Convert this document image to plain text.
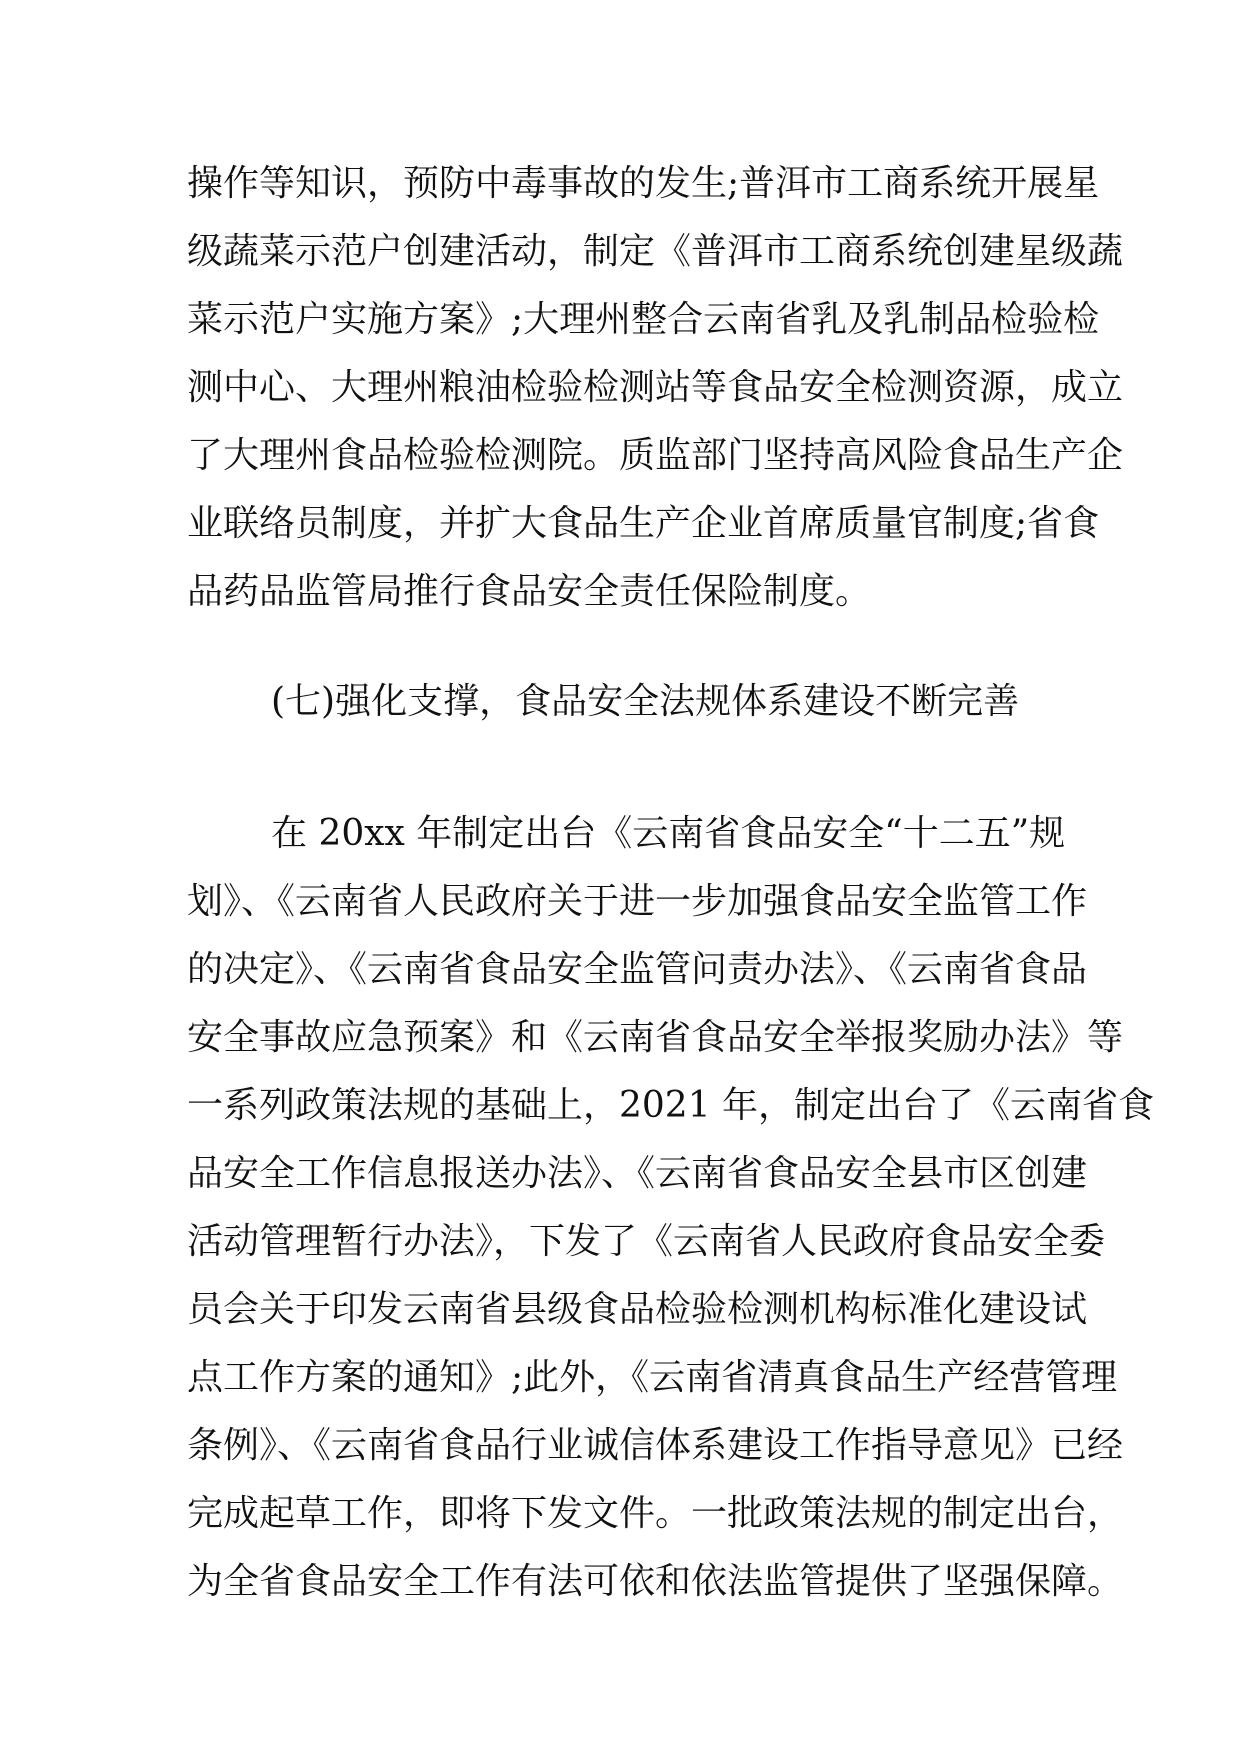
操作等知识，预防中毒事故的发生;普洱市工商系统开展星
级蔬菜示范户创建活动，制定《普洱市工商系统创建星级蔬
菜示范户实施方案》;大理州整合云南省乳及乳制品检验检
测中心、大理州粮油检验检测站等食品安全检测资源，成立
了大理州食品检验检测院。质监部门坚持高风险食品生产企
业联络员制度，并扩大食品生产企业首席质量官制度;省食
品药品监管局推行食品安全责任保险制度。
(七)强化支撑，食品安全法规体系建设不断完善
在 20xx 年制定出台《云南省食品安全“十二五”规
划》、《云南省人民政府关于进一步加强食品安全监管工作
的决定》、《云南省食品安全监管问责办法》、《云南省食品
安全事故应急预案》和《云南省食品安全举报奖励办法》等
一系列政策法规的基础上，2021 年，制定出台了《云南省食
品安全工作信息报送办法》、《云南省食品安全县市区创建
活动管理暂行办法》，下发了《云南省人民政府食品安全委
员会关于印发云南省县级食品检验检测机构标准化建设试
点工作方案的通知》;此外，《云南省清真食品生产经营管理
条例》、《云南省食品行业诚信体系建设工作指导意见》已经
完成起草工作，即将下发文件。一批政策法规的制定出台，
为全省食品安全工作有法可依和依法监管提供了坚强保障。
